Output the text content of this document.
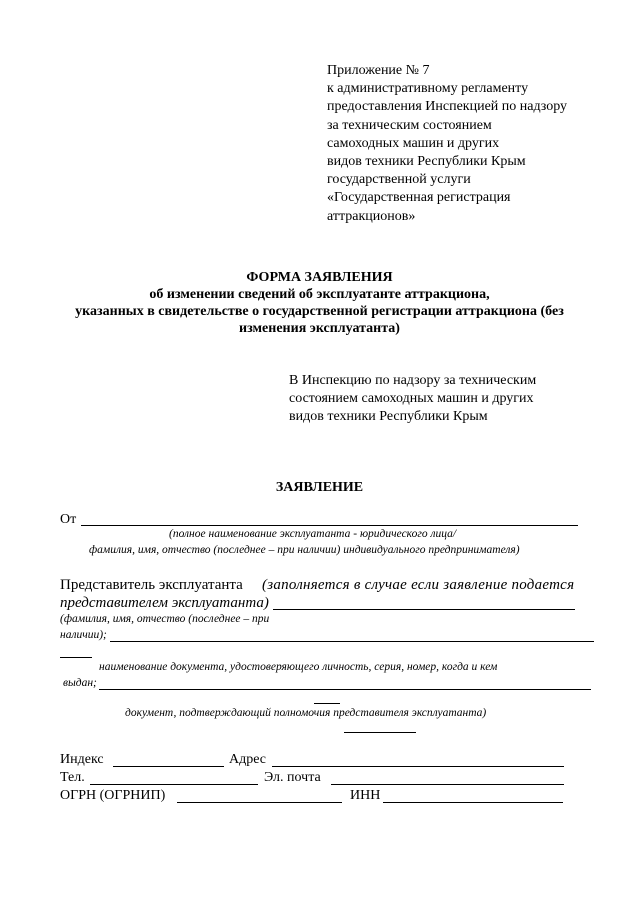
Приложение № 7
к административному регламенту
предоставления Инспекцией по надзору
за техническим состоянием
самоходных машин и других
видов техники Республики Крым
государственной услуги
«Государственная регистрация
аттракционов»
ФОРМА ЗАЯВЛЕНИЯ
об изменении сведений об эксплуатанте аттракциона,
указанных в свидетельстве о государственной регистрации аттракциона (без
изменения эксплуатанта)
В Инспекцию по надзору за техническим
состоянием самоходных машин и других
видов техники Республики Крым
ЗАЯВЛЕНИЕ
От
(полное наименование эксплуатанта - юридического лица/
фамилия, имя, отчество (последнее – при наличии) индивидуального предпринимателя)
Представитель эксплуатанта (заполняется в случае если заявление подается
представителем эксплуатанта)
(фамилия, имя, отчество (последнее – при
наличии);
наименование документа, удостоверяющего личность, серия, номер, когда и кем
выдан;
документ, подтверждающий полномочия представителя эксплуатанта)
Индекс	Адрес
Тел.	Эл. почта
ОГРН (ОГРНИП)	ИНН
